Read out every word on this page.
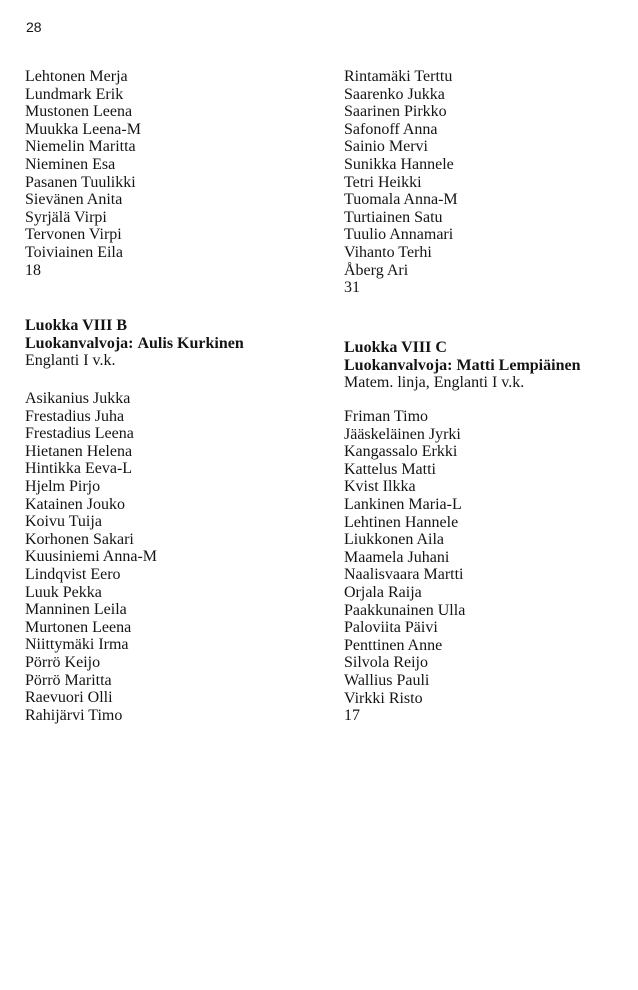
28
Lehtonen Merja
Lundmark Erik
Mustonen Leena
Muukka Leena-M
Niemelin Maritta
Nieminen Esa
Pasanen Tuulikki
Sievänen Anita
Syrjälä Virpi
Tervonen Virpi
Toiviainen Eila
18
Luokka VIII B
Luokanvalvoja: Aulis Kurkinen
Englanti I v.k.
Asikanius Jukka
Frestadius Juha
Frestadius Leena
Hietanen Helena
Hintikka Eeva-L
Hjelm Pirjo
Katainen Jouko
Koivu Tuija
Korhonen Sakari
Kuusiniemi Anna-M
Lindqvist Eero
Luuk Pekka
Manninen Leila
Murtonen Leena
Niittymäki Irma
Pörrö Keijo
Pörrö Maritta
Raevuori Olli
Rahijärvi Timo
Rintamäki Terttu
Saarenko Jukka
Saarinen Pirkko
Safonoff Anna
Sainio Mervi
Sunikka Hannele
Tetri Heikki
Tuomala Anna-M
Turtiainen Satu
Tuulio Annamari
Vihanto Terhi
Åberg Ari
31
Luokka VIII C
Luokanvalvoja: Matti Lempiäinen
Matem. linja, Englanti I v.k.
Friman Timo
Jääskeläinen Jyrki
Kangassalo Erkki
Kattelus Matti
Kvist Ilkka
Lankinen Maria-L
Lehtinen Hannele
Liukkonen Aila
Maamela Juhani
Naalisvaara Martti
Orjala Raija
Paakkunainen Ulla
Paloviita Päivi
Penttinen Anne
Silvola Reijo
Wallius Pauli
Virkki Risto
17
